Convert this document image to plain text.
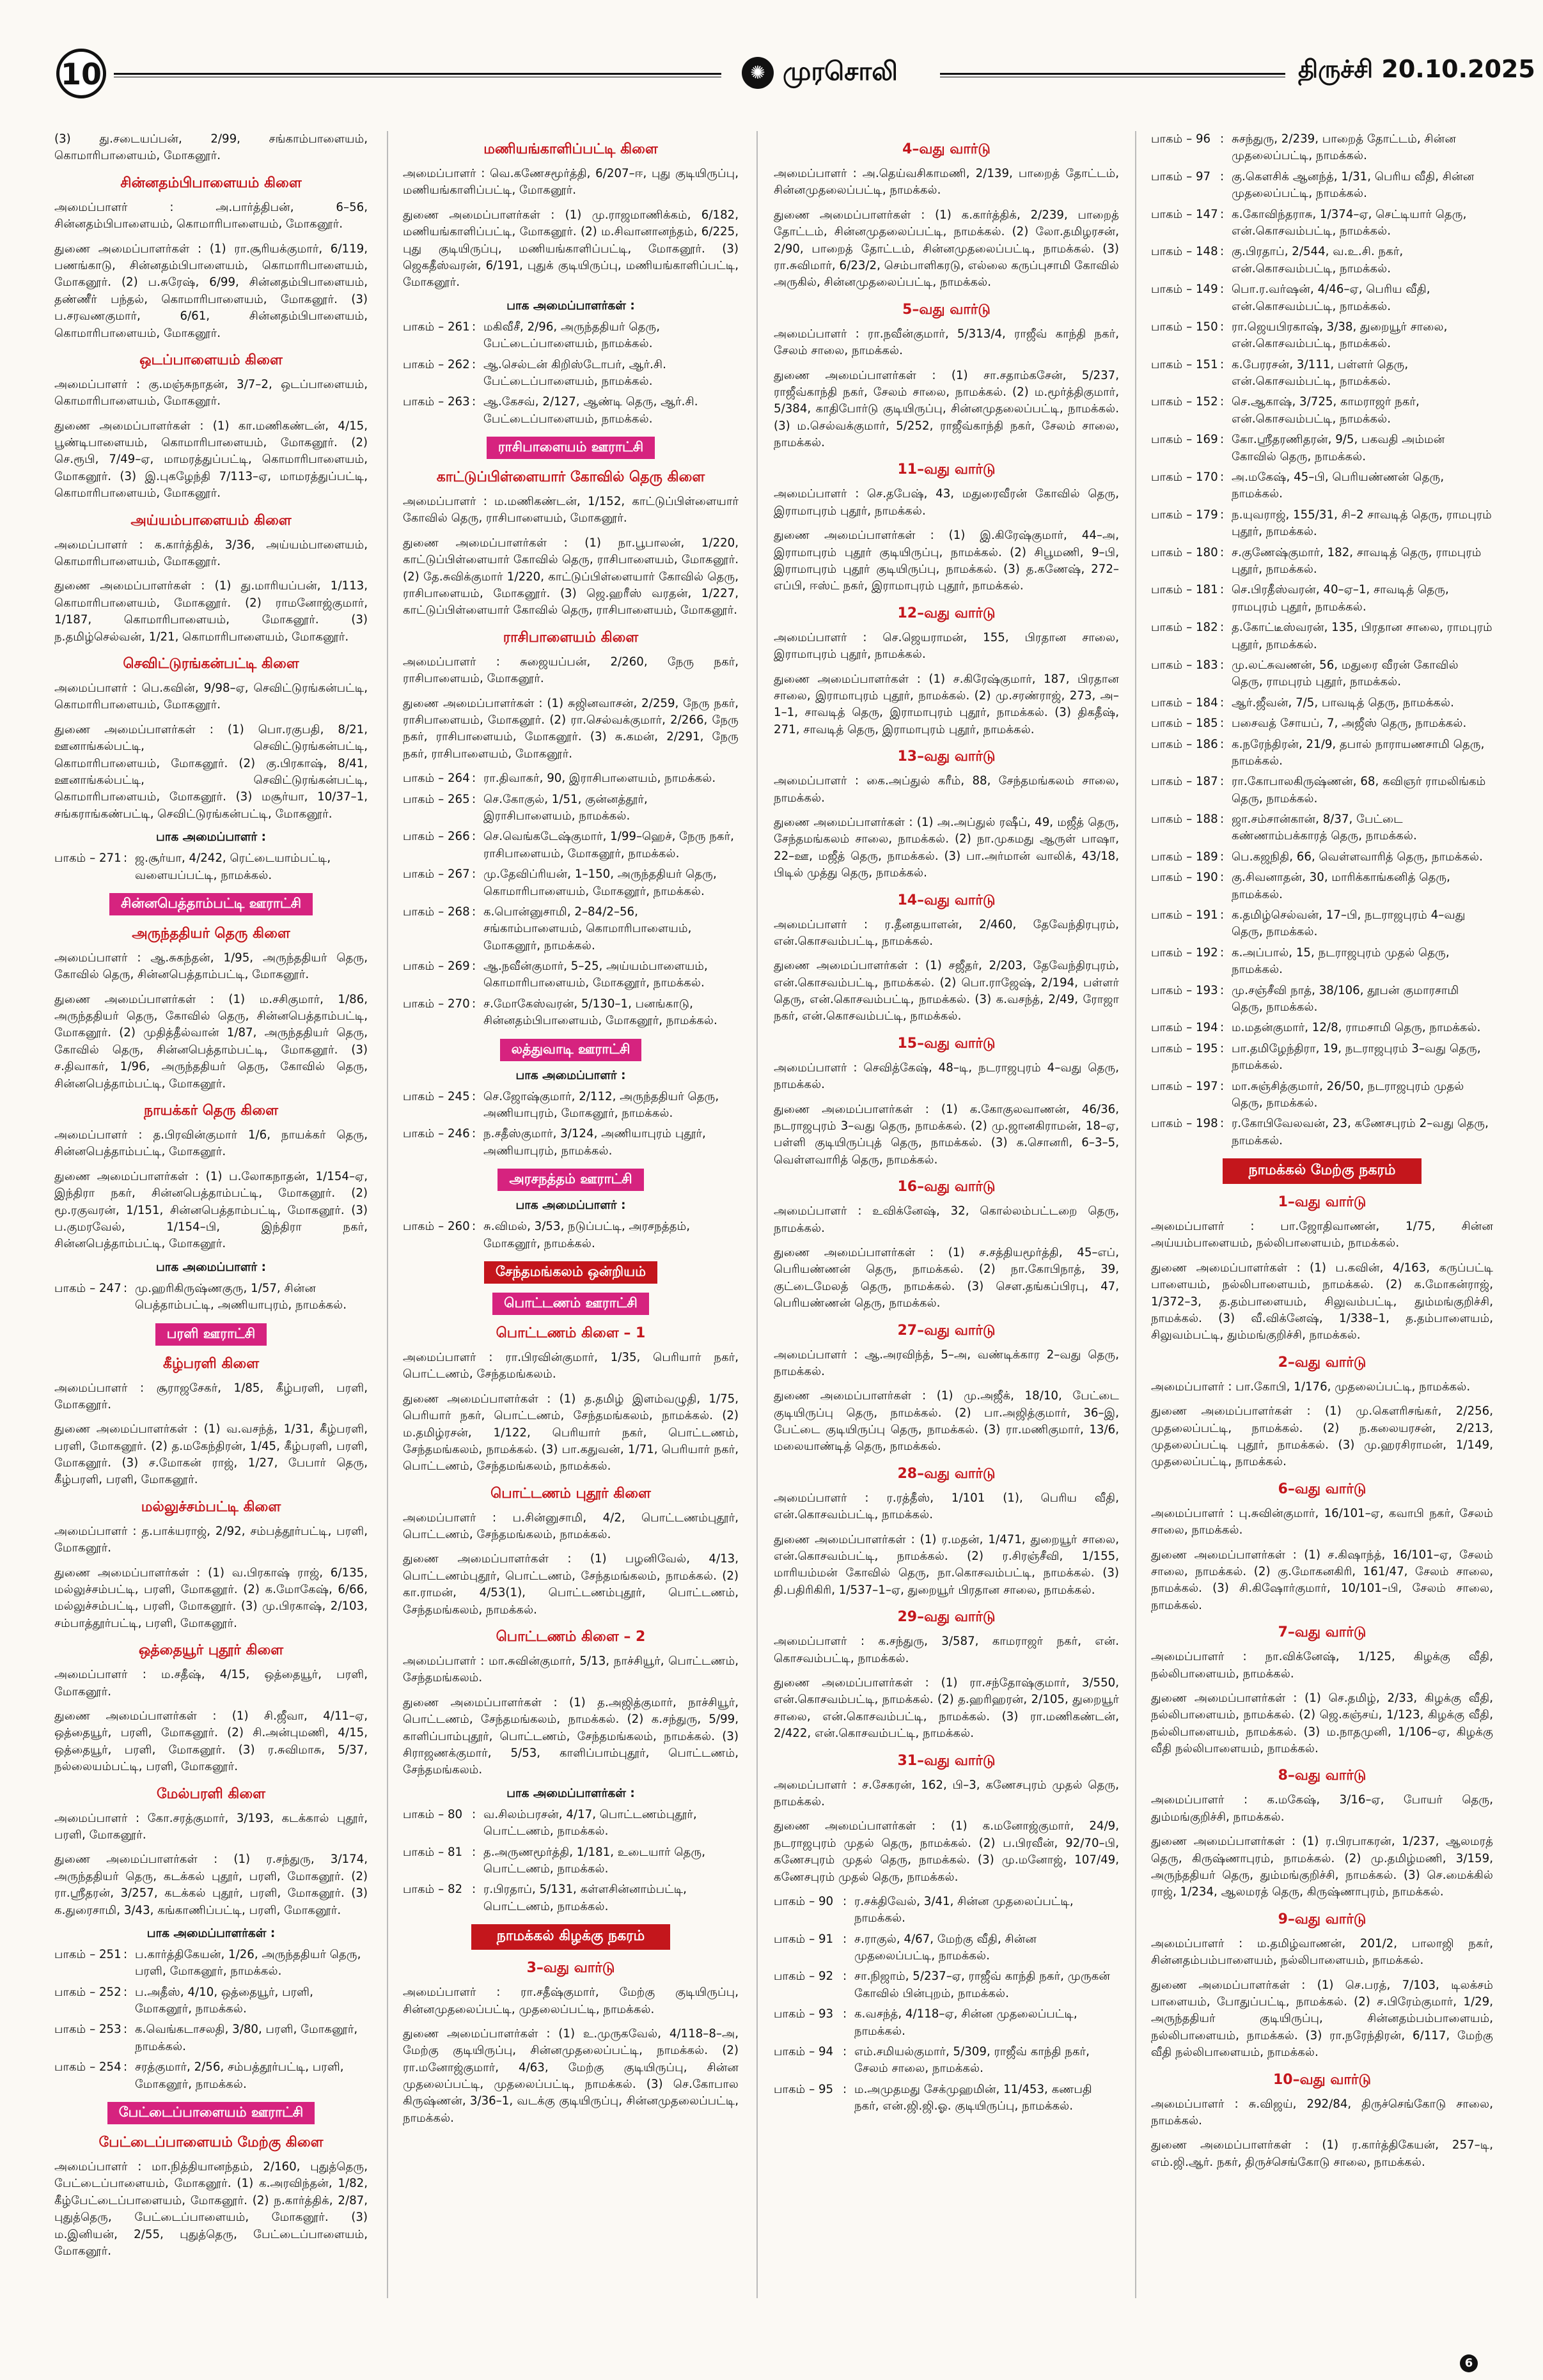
10	✺ முரசொலி	திருச்சி 20.10.2025

(3) து.சடையப்பன், 2/99, சங்காம்பாளையம், கொமாரிபாளையம், மோகனூர்.

சின்னதம்பிபாளையம் கிளை

அமைப்பாளர் : அ.பார்த்திபன், 6–56, சின்னதம்பிபாளையம், கொமாரிபாளையம், மோகனூர்.

துணை அமைப்பாளர்கள் : (1) ரா.சூரியக்குமார், 6/119, பணங்காடு, சின்னதம்பிபாளையம், கொமாரிபாளையம், மோகனூர். (2) ப.சுரேஷ், 6/99, சின்னதம்பிபாளையம், தண்ணீர் பந்தல், கொமாரிபாளையம், மோகனூர். (3) ப.சரவணகுமார், 6/61, சின்னதம்பிபாளையம், கொமாரிபாளையம், மோகனூர்.

ஒடப்பாளையம் கிளை

அமைப்பாளர் : கு.மஞ்சுநாதன், 3/7–2, ஒடப்பாளையம், கொமாரிபாளையம், மோகனூர்.

துணை அமைப்பாளர்கள் : (1) கா.மணிகண்டன், 4/15, பூண்டிபாளையம், கொமாரிபாளையம், மோகனூர். (2) செ.ரூபி, 7/49–ஏ, மாமரத்துப்பட்டி, கொமாரிபாளையம், மோகனூர். (3) இ.புகழேந்தி 7/113–ஏ, மாமரத்துப்பட்டி, கொமாரிபாளையம், மோகனூர்.

அய்யம்பாளையம் கிளை

அமைப்பாளர் : க.கார்த்திக், 3/36, அய்யம்பாளையம், கொமாரிபாளையம், மோகனூர்.

துணை அமைப்பாளர்கள் : (1) து.மாரியப்பன், 1/113, கொமாரிபாளையம், மோகனூர். (2) ராமனோஜ்குமார், 1/187, கொமாரிபாளையம், மோகனூர். (3) ந.தமிழ்செல்வன், 1/21, கொமாரிபாளையம், மோகனூர்.

செவிட்டுரங்கன்பட்டி கிளை

அமைப்பாளர் : பெ.கவின், 9/98–ஏ, செவிட்டுரங்கன்பட்டி, கொமாரிபாளையம், மோகனூர்.

துணை அமைப்பாளர்கள் : (1) பொ.ரகுபதி, 8/21, ஊனாங்கல்பட்டி, செவிட்டுரங்கன்பட்டி, கொமாரிபாளையம், மோகனூர். (2) கு.பிரகாஷ், 8/41, ஊனாங்கல்பட்டி, செவிட்டுரங்கன்பட்டி, கொமாரிபாளையம், மோகனூர். (3) மசூர்யா, 10/37–1, சங்கராங்கண்பட்டி, செவிட்டுரங்கன்பட்டி, மோகனூர்.

பாக அமைப்பாளர் :
பாகம் – 271 : ஜ.சூர்யா, 4/242, ரெட்டையாம்பட்டி, வளையப்பட்டி, நாமக்கல்.
சின்னபெத்தாம்பட்டி ஊராட்சி
அருந்ததியர் தெரு கிளை

அமைப்பாளர் : ஆ.சுகந்தன், 1/95, அருந்ததியர் தெரு, கோவில் தெரு, சின்னபெத்தாம்பட்டி, மோகனூர்.

துணை அமைப்பாளர்கள் : (1) ம.சசிகுமார், 1/86, அருந்ததியர் தெரு, கோவில் தெரு, சின்னபெத்தாம்பட்டி, மோகனூர். (2) முதித்தீல்வான் 1/87, அருந்ததியர் தெரு, கோவில் தெரு, சின்னபெத்தாம்பட்டி, மோகனூர். (3) ச.திவாகர், 1/96, அருந்ததியர் தெரு, கோவில் தெரு, சின்னபெத்தாம்பட்டி, மோகனூர்.

நாயக்கர் தெரு கிளை

அமைப்பாளர் : த.பிரவின்குமார் 1/6, நாயக்கர் தெரு, சின்னபெத்தாம்பட்டி, மோகனூர்.

துணை அமைப்பாளர்கள் : (1) ப.லோகநாதன், 1/154–ஏ, இந்திரா நகர், சின்னபெத்தாம்பட்டி, மோகனூர். (2) மூ.ரகுவரன், 1/151, சின்னபெத்தாம்பட்டி, மோகனூர். (3) ப.குமரவேல், 1/154–பி, இந்திரா நகர், சின்னபெத்தாம்பட்டி, மோகனூர்.

பாக அமைப்பாளர் :
பாகம் – 247 : மு.ஹரிகிருஷ்ணகுரு, 1/57, சின்ன பெத்தாம்பட்டி, அணியாபுரம், நாமக்கல்.
பரளி ஊராட்சி
கீழ்பரளி கிளை

அமைப்பாளர் : சூராஜசேகர், 1/85, கீழ்பரளி, பரளி, மோகனூர்.

துணை அமைப்பாளர்கள் : (1) வ.வசந்த், 1/31, கீழ்பரளி, பரளி, மோகனூர். (2) த.மகேந்திரன், 1/45, கீழ்பரளி, பரளி, மோகனூர். (3) ச.மோகன் ராஜ், 1/27, பேபார் தெரு, கீழ்பரளி, பரளி, மோகனூர்.

மல்லுச்சம்பட்டி கிளை

அமைப்பாளர் : த.பாக்யராஜ், 2/92, சம்பத்தூர்பட்டி, பரளி, மோகனூர்.

துணை அமைப்பாளர்கள் : (1) வ.பிரகாஷ் ராஜ், 6/135, மல்லுச்சம்பட்டி, பரளி, மோகனூர். (2) க.மோகேஷ், 6/66, மல்லுச்சம்பட்டி, பரளி, மோகனூர். (3) மு.பிரகாஷ், 2/103, சம்பாத்தூர்பட்டி, பரளி, மோகனூர்.

ஒத்தையூர் புதூர் கிளை

அமைப்பாளர் : ம.சதீஷ், 4/15, ஒத்தையூர், பரளி, மோகனூர்.

துணை அமைப்பாளர்கள் : (1) சி.ஜீவா, 4/11–ஏ, ஒத்தையூர், பரளி, மோகனூர். (2) சி.அன்புமணி, 4/15, ஒத்தையூர், பரளி, மோகனூர். (3) ர.சுவிமாசு, 5/37, நல்லையம்பட்டி, பரளி, மோகனூர்.

மேல்பரளி கிளை

அமைப்பாளர் : கோ.சரத்குமார், 3/193, கடக்கால் புதூர், பரளி, மோகனூர்.

துணை அமைப்பாளர்கள் : (1) ர.சந்துரு, 3/174, அருந்ததியர் தெரு, கடக்கல் புதூர், பரளி, மோகனூர். (2) ரா.ஸ்ரீதரன், 3/257, கடக்கல் புதூர், பரளி, மோகனூர். (3) க.துரைசாமி, 3/43, கங்காணிப்பட்டி, பரளி, மோகனூர்.

பாக அமைப்பாளர்கள் :
பாகம் – 251 : ப.கார்த்திகேயன், 1/26, அருந்ததியர் தெரு, பரளி, மோகனூர், நாமக்கல்.
பாகம் – 252 : ப.அதீஸ், 4/10, ஒத்தையூர், பரளி, மோகனூர், நாமக்கல்.
பாகம் – 253 : க.வெங்கடாசலதி, 3/80, பரளி, மோகனூர், நாமக்கல்.
பாகம் – 254 : சரத்குமார், 2/56, சம்பத்தூர்பட்டி, பரளி, மோகனூர், நாமக்கல்.
பேட்டைப்பாளையம் ஊராட்சி
பேட்டைப்பாளையம் மேற்கு கிளை

அமைப்பாளர் : மா.நித்தியானந்தம், 2/160, புதுத்தெரு, பேட்டைப்பாளையம், மோகனூர். (1) க.அரவிந்தன், 1/82, கீழ்பேட்டைப்பாளையம், மோகனூர். (2) ந.கார்த்திக், 2/87, புதுத்தெரு, பேட்டைப்பாளையம், மோகனூர். (3) ம.இனியன், 2/55, புதுத்தெரு, பேட்டைப்பாளையம், மோகனூர்.

மணியங்காளிப்பட்டி கிளை

அமைப்பாளர் : வெ.கணேசமூர்த்தி, 6/207–ஈ, புது குடியிருப்பு, மணியங்காளிப்பட்டி, மோகனூர்.

துணை அமைப்பாளர்கள் : (1) மு.ராஜமாணிக்கம், 6/182, மணியங்காளிப்பட்டி, மோகனூர். (2) ம.சிவானானந்தம், 6/225, புது குடியிருப்பு, மணியங்காளிப்பட்டி, மோகனூர். (3) ஜெகதீஸ்வரன், 6/191, புதுக் குடியிருப்பு, மணியங்காளிப்பட்டி, மோகனூர்.

பாக அமைப்பாளர்கள் :
பாகம் – 261 : மகிவீசீ, 2/96, அருந்ததியர் தெரு, பேட்டைப்பாளையம், நாமக்கல்.
பாகம் – 262 : ஆ.செல்டன் கிறிஸ்டோபர், ஆர்.சி. பேட்டைப்பாளையம், நாமக்கல்.
பாகம் – 263 : ஆ.கேசவ், 2/127, ஆண்டி தெரு, ஆர்.சி. பேட்டைப்பாளையம், நாமக்கல்.
ராசிபாளையம் ஊராட்சி
காட்டுப்பிள்ளையார் கோவில் தெரு கிளை

அமைப்பாளர் : ம.மணிகண்டன், 1/152, காட்டுப்பிள்ளையார் கோவில் தெரு, ராசிபாளையம், மோகனூர்.

துணை அமைப்பாளர்கள் : (1) நா.பூபாலன், 1/220, காட்டுப்பிள்ளையார் கோவில் தெரு, ராசிபாளையம், மோகனூர். (2) தே.சுவிக்குமார் 1/220, காட்டுப்பிள்ளையார் கோவில் தெரு, ராசிபாளையம், மோகனூர். (3) ஜெ.ஹரீஸ் வரதன், 1/227, காட்டுப்பிள்ளையார் கோவில் தெரு, ராசிபாளையம், மோகனூர்.

ராசிபாளையம் கிளை

அமைப்பாளர் : சுஜையப்பன், 2/260, நேரு நகர், ராசிபாளையம், மோகனூர்.

துணை அமைப்பாளர்கள் : (1) சுஜினவாசன், 2/259, நேரு நகர், ராசிபாளையம், மோகனூர். (2) ரா.செல்வக்குமார், 2/266, நேரு நகர், ராசிபாளையம், மோகனூர். (3) சு.கமன், 2/291, நேரு நகர், ராசிபாளையம், மோகனூர்.

பாகம் – 264 : ரா.திவாகர், 90, இராசிபாளையம், நாமக்கல்.
பாகம் – 265 : செ.கோகுல், 1/51, குன்னத்தூர், இராசிபாளையம், நாமக்கல்.
பாகம் – 266 : செ.வெங்கடேஷ்குமார், 1/99–ஹெச், நேரு நகர், ராசிபாளையம், மோகனூர், நாமக்கல்.
பாகம் – 267 : மு.தேவிப்ரியன், 1–150, அருந்ததியர் தெரு, கொமாரிபாளையம், மோகனூர், நாமக்கல்.
பாகம் – 268 : க.பொன்னுசாமி, 2–84/2–56, சங்காம்பாளையம், கொமாரிபாளையம், மோகனூர், நாமக்கல்.
பாகம் – 269 : ஆ.நவீன்குமார், 5–25, அய்யம்பாளையம், கொமாரிபாளையம், மோகனூர், நாமக்கல்.
பாகம் – 270 : ச.மோகேஸ்வரன், 5/130–1, பனங்காடு, சின்னதம்பிபாளையம், மோகனூர், நாமக்கல்.
லத்துவாடி ஊராட்சி
பாக அமைப்பாளர் :
பாகம் – 245 : செ.ஜோஷ்குமார், 2/112, அருந்ததியர் தெரு, அணியாபுரம், மோகனூர், நாமக்கல்.
பாகம் – 246 : ந.சதீஸ்குமார், 3/124, அணியாபுரம் புதூர், அணியாபுரம், நாமக்கல்.
அரசநத்தம் ஊராட்சி
பாக அமைப்பாளர் :
பாகம் – 260 : சு.விமல், 3/53, நடுப்பட்டி, அரசநத்தம், மோகனூர், நாமக்கல்.
சேந்தமங்கலம் ஒன்றியம்
பொட்டணம் ஊராட்சி
பொட்டணம் கிளை – 1

அமைப்பாளர் : ரா.பிரவின்குமார், 1/35, பெரியார் நகர், பொட்டணம், சேந்தமங்கலம்.

துணை அமைப்பாளர்கள் : (1) த.தமிழ் இளம்வழுதி, 1/75, பெரியார் நகர், பொட்டணம், சேந்தமங்கலம், நாமக்கல். (2) ம.தமிழ்ரசன், 1/122, பெரியார் நகர், பொட்டணம், சேந்தமங்கலம், நாமக்கல். (3) பா.கதுவன், 1/71, பெரியார் நகர், பொட்டணம், சேந்தமங்கலம், நாமக்கல்.

பொட்டணம் புதூர் கிளை

அமைப்பாளர் : ப.சின்னுசாமி, 4/2, பொட்டணம்புதூர், பொட்டணம், சேந்தமங்கலம், நாமக்கல்.

துணை அமைப்பாளர்கள் : (1) பழனிவேல், 4/13, பொட்டணம்புதூர், பொட்டணம், சேந்தமங்கலம், நாமக்கல். (2) கா.ராமன், 4/53(1), பொட்டணம்புதூர், பொட்டணம், சேந்தமங்கலம், நாமக்கல்.

பொட்டணம் கிளை – 2

அமைப்பாளர் : மா.சுவின்குமார், 5/13, நாச்சியூர், பொட்டணம், சேந்தமங்கலம்.

துணை அமைப்பாளர்கள் : (1) த.அஜித்குமார், நாச்சியூர், பொட்டணம், சேந்தமங்கலம், நாமக்கல். (2) க.சந்துரு, 5/99, காளிப்பாம்புதூர், பொட்டணம், சேந்தமங்கலம், நாமக்கல். (3) சிராஜணக்குமார், 5/53, காளிப்பாம்புதூர், பொட்டணம், சேந்தமங்கலம்.

பாக அமைப்பாளர்கள் :
பாகம் – 80 : வ.சிலம்பரசன், 4/17, பொட்டணம்புதூர், பொட்டணம், நாமக்கல்.
பாகம் – 81 : த.அருணமூர்த்தி, 1/181, உடையார் தெரு, பொட்டணம், நாமக்கல்.
பாகம் – 82 : ர.பிரதாப், 5/131, கள்ளசின்னாம்பட்டி, பொட்டணம், நாமக்கல்.
நாமக்கல் கிழக்கு நகரம்
3–வது வார்டு

அமைப்பாளர் : ரா.சதீஷ்குமார், மேற்கு குடியிருப்பு, சின்னமுதலைப்பட்டி, முதலைப்பட்டி, நாமக்கல்.

துணை அமைப்பாளர்கள் : (1) உ.முருகவேல், 4/118–8–அ, மேற்கு குடியிருப்பு, சின்னமுதலைப்பட்டி, நாமக்கல். (2) ரா.மனோஜ்குமார், 4/63, மேற்கு குடியிருப்பு, சின்ன முதலைப்பட்டி, முதலைப்பட்டி, நாமக்கல். (3) செ.கோபால கிருஷ்ணன், 3/36–1, வடக்கு குடியிருப்பு, சின்னமுதலைப்பட்டி, நாமக்கல்.

4–வது வார்டு

அமைப்பாளர் : அ.தெய்வசிகாமணி, 2/139, பாறைத் தோட்டம், சின்னமுதலைப்பட்டி, நாமக்கல்.

துணை அமைப்பாளர்கள் : (1) க.கார்த்திக், 2/239, பாறைத் தோட்டம், சின்னமுதலைப்பட்டி, நாமக்கல். (2) லோ.தமிழரசன், 2/90, பாறைத் தோட்டம், சின்னமுதலைப்பட்டி, நாமக்கல். (3) ரா.சுவிமார், 6/23/2, செம்பாளிகரடு, எல்லை கருப்புசாமி கோவில் அருகில், சின்னமுதலைப்பட்டி, நாமக்கல்.

5–வது வார்டு

அமைப்பாளர் : ரா.நவீன்குமார், 5/313/4, ராஜீவ் காந்தி நகர், சேலம் சாலை, நாமக்கல்.

துணை அமைப்பாளர்கள் : (1) சா.சதாம்கசேன், 5/237, ராஜீவ்காந்தி நகர், சேலம் சாலை, நாமக்கல். (2) ம.மூர்த்திகுமார், 5/384, காதிபோர்டு குடியிருப்பு, சின்னமுதலைப்பட்டி, நாமக்கல். (3) ம.செல்வக்குமார், 5/252, ராஜீவ்காந்தி நகர், சேலம் சாலை, நாமக்கல்.

11–வது வார்டு

அமைப்பாளர் : செ.தபேஷ், 43, மதுரைவீரன் கோவில் தெரு, இராமாபுரம் புதூர், நாமக்கல்.

துணை அமைப்பாளர்கள் : (1) இ.கிரேஷ்குமார், 44–அ, இராமாபுரம் புதூர் குடியிருப்பு, நாமக்கல். (2) சிபூமணி, 9–பி, இராமாபுரம் புதூர் குடியிருப்பு, நாமக்கல். (3) த.கணேஷ், 272–எப்பி, ஈஸ்ட் நகர், இராமாபுரம் புதூர், நாமக்கல்.

12–வது வார்டு

அமைப்பாளர் : செ.ஜெயராமன், 155, பிரதான சாலை, இராமாபுரம் புதூர், நாமக்கல்.

துணை அமைப்பாளர்கள் : (1) ச.கிரேஷ்குமார், 187, பிரதான சாலை, இராமாபுரம் புதூர், நாமக்கல். (2) மு.சரண்ராஜ், 273, அ–1–1, சாவடித் தெரு, இராமாபுரம் புதூர், நாமக்கல். (3) திகதீஷ், 271, சாவடித் தெரு, இராமாபுரம் புதூர், நாமக்கல்.

13–வது வார்டு

அமைப்பாளர் : கை.அப்துல் கரீம், 88, சேந்தமங்கலம் சாலை, நாமக்கல்.

துணை அமைப்பாளர்கள் : (1) அ.அப்துல் ரஷீப், 49, மஜீத் தெரு, சேந்தமங்கலம் சாலை, நாமக்கல். (2) நா.முகமது ஆருள் பாஷா, 22–ஊ, மஜீத் தெரு, நாமக்கல். (3) பா.அர்மான் வாலிக், 43/18, பிடில் முத்து தெரு, நாமக்கல்.

14–வது வார்டு

அமைப்பாளர் : ர.தீனதயாளன், 2/460, தேவேந்திரபுரம், என்.கொசவம்பட்டி, நாமக்கல்.

துணை அமைப்பாளர்கள் : (1) சஜீதர், 2/203, தேவேந்திரபுரம், என்.கொசவம்பட்டி, நாமக்கல். (2) பொ.ராஜேஷ், 2/194, பள்ளர் தெரு, என்.கொசவம்பட்டி, நாமக்கல். (3) க.வசந்த், 2/49, ரோஜா நகர், என்.கொசவம்பட்டி, நாமக்கல்.

15–வது வார்டு

அமைப்பாளர் : செவித்கேஷ், 48–டி, நடராஜபுரம் 4–வது தெரு, நாமக்கல்.

துணை அமைப்பாளர்கள் : (1) க.கோகுலவாணன், 46/36, நடராஜபுரம் 3–வது தெரு, நாமக்கல். (2) மு.ஜானகிராமன், 18–ஏ, பள்ளி குடியிருப்புத் தெரு, நாமக்கல். (3) க.சொனரி, 6–3–5, வெள்ளவாரித் தெரு, நாமக்கல்.

16–வது வார்டு

அமைப்பாளர் : உவிக்னேஷ், 32, கொல்லம்பட்டறை தெரு, நாமக்கல்.

துணை அமைப்பாளர்கள் : (1) ச.சத்தியமூர்த்தி, 45–எப், பெரியண்ணன் தெரு, நாமக்கல். (2) நா.கோபிநாத், 39, குட்டைமேலத் தெரு, நாமக்கல். (3) சௌ.தங்கப்பிரபு, 47, பெரியண்ணன் தெரு, நாமக்கல்.

27–வது வார்டு

அமைப்பாளர் : ஆ.அரவிந்த், 5–அ, வண்டிக்கார 2–வது தெரு, நாமக்கல்.

துணை அமைப்பாளர்கள் : (1) மு.அஜீக், 18/10, பேட்டை குடியிருப்பு தெரு, நாமக்கல். (2) பா.அஜித்குமார், 36–இ, பேட்டை குடியிருப்பு தெரு, நாமக்கல். (3) ரா.மணிகுமார், 13/6, மலையாண்டித் தெரு, நாமக்கல்.

28–வது வார்டு

அமைப்பாளர் : ர.ரத்தீஸ், 1/101 (1), பெரிய வீதி, என்.கொசவம்பட்டி, நாமக்கல்.

துணை அமைப்பாளர்கள் : (1) ர.மதன், 1/471, துறையூர் சாலை, என்.கொசவம்பட்டி, நாமக்கல். (2) ர.சிரஞ்சீவி, 1/155, மாரியம்மன் கோவில் தெரு, நா.கொசவம்பட்டி, நாமக்கல். (3) தி.பதிரிகிரி, 1/537–1–ஏ, துறையூர் பிரதான சாலை, நாமக்கல்.

29–வது வார்டு

அமைப்பாளர் : க.சந்துரு, 3/587, காமராஜர் நகர், என். கொசவம்பட்டி, நாமக்கல்.

துணை அமைப்பாளர்கள் : (1) ரா.சந்தோஷ்குமார், 3/550, என்.கொசவம்பட்டி, நாமக்கல். (2) த.ஹரிஹரன், 2/105, துறையூர் சாலை, என்.கொசவம்பட்டி, நாமக்கல். (3) ரா.மணிகண்டன், 2/422, என்.கொசவம்பட்டி, நாமக்கல்.

31–வது வார்டு

அமைப்பாளர் : ச.சேகரன், 162, பி–3, கணேசபுரம் முதல் தெரு, நாமக்கல்.

துணை அமைப்பாளர்கள் : (1) க.மனோஜ்குமார், 24/9, நடராஜபுரம் முதல் தெரு, நாமக்கல். (2) ப.பிரவீன், 92/70–பி, கணேசபுரம் முதல் தெரு, நாமக்கல். (3) மு.மனோஜ், 107/49, கணேசபுரம் முதல் தெரு, நாமக்கல்.

பாகம் – 90 : ர.சக்திவேல், 3/41, சின்ன முதலைப்பட்டி, நாமக்கல்.
பாகம் – 91 : ச.ராகுல், 4/67, மேற்கு வீதி, சின்ன முதலைப்பட்டி, நாமக்கல்.
பாகம் – 92 : சா.நிஜாம், 5/237–ஏ, ராஜீவ் காந்தி நகர், முருகன் கோவில் பின்புறம், நாமக்கல்.
பாகம் – 93 : க.வசந்த், 4/118–ஏ, சின்ன முதலைப்பட்டி, நாமக்கல்.
பாகம் – 94 : எம்.சமியல்குமார், 5/309, ராஜீவ் காந்தி நகர், சேலம் சாலை, நாமக்கல்.
பாகம் – 95 : ம.அமுதமது சேக்முஹமின், 11/453, கணபதி நகர், என்.ஜி.ஜி.ஓ. குடியிருப்பு, நாமக்கல்.
பாகம் – 96 : சுசந்துரு, 2/239, பாறைத் தோட்டம், சின்ன முதலைப்பட்டி, நாமக்கல்.
பாகம் – 97 : கு.கௌசிக் ஆனந்த், 1/31, பெரிய வீதி, சின்ன முதலைப்பட்டி, நாமக்கல்.
பாகம் – 147 : க.கோவிந்தராசு, 1/374–ஏ, செட்டியார் தெரு, என்.கொசவம்பட்டி, நாமக்கல்.
பாகம் – 148 : கு.பிரதாப், 2/544, வ.உ.சி. நகர், என்.கொசவம்பட்டி, நாமக்கல்.
பாகம் – 149 : பொ.ர.வர்ஷன், 4/46–ஏ, பெரிய வீதி, என்.கொசவம்பட்டி, நாமக்கல்.
பாகம் – 150 : ரா.ஜெயபிரகாஷ், 3/38, துறையூர் சாலை, என்.கொசவம்பட்டி, நாமக்கல்.
பாகம் – 151 : க.பேரரசன், 3/111, பள்ளர் தெரு, என்.கொசவம்பட்டி, நாமக்கல்.
பாகம் – 152 : செ.ஆகாஷ், 3/725, காமராஜர் நகர், என்.கொசவம்பட்டி, நாமக்கல்.
பாகம் – 169 : கோ.ஸ்ரீதரணிதரன், 9/5, பகவதி அம்மன் கோவில் தெரு, நாமக்கல்.
பாகம் – 170 : அ.மகேஷ், 45–பி, பெரியண்ணன் தெரு, நாமக்கல்.
பாகம் – 179 : ந.யுவராஜ், 155/31, சி–2 சாவடித் தெரு, ராமபுரம் புதூர், நாமக்கல்.
பாகம் – 180 : ச.குணேஷ்குமார், 182, சாவடித் தெரு, ராமபுரம் புதூர், நாமக்கல்.
பாகம் – 181 : செ.பிரதீஸ்வரன், 40–ஏ–1, சாவடித் தெரு, ராமபுரம் புதூர், நாமக்கல்.
பாகம் – 182 : த.கோட்டீஸ்வரன், 135, பிரதான சாலை, ராமபுரம் புதூர், நாமக்கல்.
பாகம் – 183 : மு.லட்சுவணன், 56, மதுரை வீரன் கோவில் தெரு, ராமபுரம் புதூர், நாமக்கல்.
பாகம் – 184 : ஆர்.ஜீவன், 7/5, பாவடித் தெரு, நாமக்கல்.
பாகம் – 185 : பசைவத் சோயப், 7, அஜீஸ் தெரு, நாமக்கல்.
பாகம் – 186 : க.நரேந்திரன், 21/9, தபால் நாராயணசாமி தெரு, நாமக்கல்.
பாகம் – 187 : ரா.கோபாலகிருஷ்ணன், 68, கவிஞர் ராமலிங்கம் தெரு, நாமக்கல்.
பாகம் – 188 : ஜா.சம்சான்கான், 8/37, பேட்டை கண்ணாம்பக்காரத் தெரு, நாமக்கல்.
பாகம் – 189 : பெ.கஜநிதி, 66, வெள்ளவாரித் தெரு, நாமக்கல்.
பாகம் – 190 : கு.சிவனாதன், 30, மாரிக்காங்கனித் தெரு, நாமக்கல்.
பாகம் – 191 : க.தமிழ்செல்வன், 17–பி, நடராஜபுரம் 4–வது தெரு, நாமக்கல்.
பாகம் – 192 : க.அப்பால், 15, நடராஜபுரம் முதல் தெரு, நாமக்கல்.
பாகம் – 193 : மு.சஞ்சீவி நாத், 38/106, தூபன் குமாரசாமி தெரு, நாமக்கல்.
பாகம் – 194 : ம.மதன்குமார், 12/8, ராமசாமி தெரு, நாமக்கல்.
பாகம் – 195 : பா.தமிழேந்திரா, 19, நடராஜபுரம் 3–வது தெரு, நாமக்கல்.
பாகம் – 197 : மா.சுஞ்சித்குமார், 26/50, நடராஜபுரம் முதல் தெரு, நாமக்கல்.
பாகம் – 198 : ர.கோபிவேலவன், 23, கணேசபுரம் 2–வது தெரு, நாமக்கல்.
நாமக்கல் மேற்கு நகரம்
1–வது வார்டு

அமைப்பாளர் : பா.ஜோதிவாணன், 1/75, சின்ன அய்யம்பாளையம், நல்லிபாளையம், நாமக்கல்.

துணை அமைப்பாளர்கள் : (1) ப.கவின், 4/163, கருப்பட்டி பாளையம், நல்லிபாளையம், நாமக்கல். (2) க.மோகன்ராஜ், 1/372–3, த.தம்பாளையம், சிலுவம்பட்டி, தும்மங்குறிச்சி, நாமக்கல். (3) வீ.விக்னேஷ், 1/338–1, த.தம்பாளையம், சிலுவம்பட்டி, தும்மங்குறிச்சி, நாமக்கல்.

2–வது வார்டு

அமைப்பாளர் : பா.கோபி, 1/176, முதலைப்பட்டி, நாமக்கல்.

துணை அமைப்பாளர்கள் : (1) மு.கௌரிசங்கர், 2/256, முதலைப்பட்டி, நாமக்கல். (2) ந.கலையரசன், 2/213, முதலைப்பட்டி புதூர், நாமக்கல். (3) மு.ஹரசிராமன், 1/149, முதலைப்பட்டி, நாமக்கல்.

6–வது வார்டு

அமைப்பாளர் : பு.சுவின்குமார், 16/101–ஏ, கவாபி நகர், சேலம் சாலை, நாமக்கல்.

துணை அமைப்பாளர்கள் : (1) ச.கிஷாந்த், 16/101–ஏ, சேலம் சாலை, நாமக்கல். (2) கு.மோகனகிரி, 161/47, சேலம் சாலை, நாமக்கல். (3) சி.கிஷோர்குமார், 10/101–பி, சேலம் சாலை, நாமக்கல்.

7–வது வார்டு

அமைப்பாளர் : நா.விக்னேஷ், 1/125, கிழக்கு வீதி, நல்லிபாளையம், நாமக்கல்.

துணை அமைப்பாளர்கள் : (1) செ.தமிழ், 2/33, கிழக்கு வீதி, நல்லிபாளையம், நாமக்கல். (2) ஜெ.கஞ்சய், 1/123, கிழக்கு வீதி, நல்லிபாளையம், நாமக்கல். (3) ம.நாதமுனி, 1/106–ஏ, கிழக்கு வீதி நல்லிபாளையம், நாமக்கல்.

8–வது வார்டு

அமைப்பாளர் : க.மகேஷ், 3/16–ஏ, போயர் தெரு, தும்மங்குறிச்சி, நாமக்கல்.

துணை அமைப்பாளர்கள் : (1) ர.பிரபாகரன், 1/237, ஆலமரத் தெரு, கிருஷ்ணாபுரம், நாமக்கல். (2) மு.தமிழ்மணி, 3/159, அருந்ததியர் தெரு, தும்மங்குறிச்சி, நாமக்கல். (3) செ.மைக்கில் ராஜ், 1/234, ஆலமரத் தெரு, கிருஷ்ணாபுரம், நாமக்கல்.

9–வது வார்டு

அமைப்பாளர் : ம.தமிழ்வாணன், 201/2, பாலாஜி நகர், சின்னதம்பம்பாளையம், நல்லிபாளையம், நாமக்கல்.

துணை அமைப்பாளர்கள் : (1) செ.பரத், 7/103, டிலக்சம் பாளையம், போதுப்பட்டி, நாமக்கல். (2) ச.பிரேம்குமார், 1/29, அருந்ததியர் குடியிருப்பு, சின்னதம்பம்பாளையம், நல்லிபாளையம், நாமக்கல். (3) ரா.நரேந்திரன், 6/117, மேற்கு வீதி நல்லிபாளையம், நாமக்கல்.

10–வது வார்டு

அமைப்பாளர் : சு.விஜய், 292/84, திருச்செங்கோடு சாலை, நாமக்கல்.

துணை அமைப்பாளர்கள் : (1) ர.கார்த்திகேயன், 257–டி, எம்.ஜி.ஆர். நகர், திருச்செங்கோடு சாலை, நாமக்கல்.

6
